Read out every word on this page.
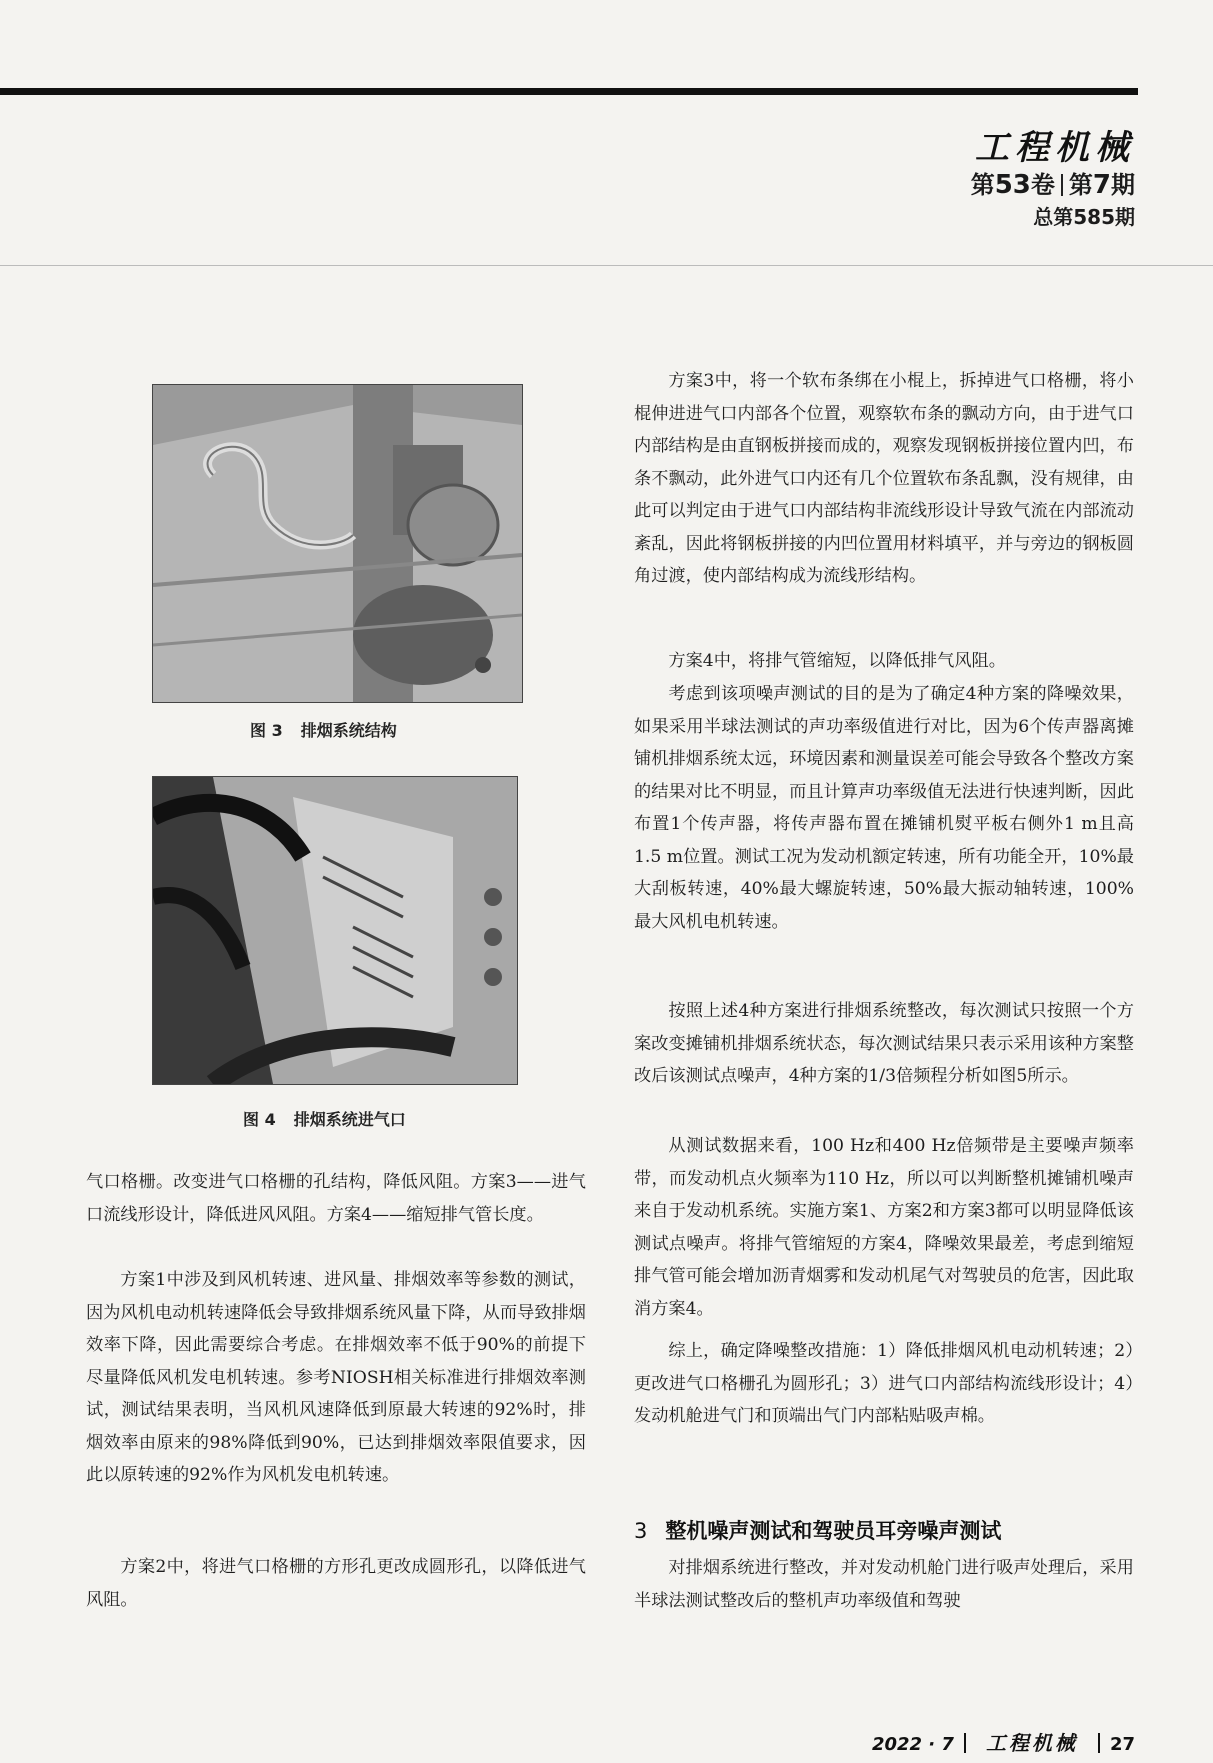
工程机械
第53卷 第7期
总第585期
图 3 排烟系统结构
图 4 排烟系统进气口

气口格栅。改变进气口格栅的孔结构，降低风阻。方案3——进气口流线形设计，降低进风风阻。方案4——缩短排气管长度。

方案1中涉及到风机转速、进风量、排烟效率等参数的测试，因为风机电动机转速降低会导致排烟系统风量下降，从而导致排烟效率下降，因此需要综合考虑。在排烟效率不低于90%的前提下尽量降低风机发电机转速。参考NIOSH相关标准进行排烟效率测试，测试结果表明，当风机风速降低到原最大转速的92%时，排烟效率由原来的98%降低到90%，已达到排烟效率限值要求，因此以原转速的92%作为风机发电机转速。

方案2中，将进气口格栅的方形孔更改成圆形孔，以降低进气风阻。

方案3中，将一个软布条绑在小棍上，拆掉进气口格栅，将小棍伸进进气口内部各个位置，观察软布条的飘动方向，由于进气口内部结构是由直钢板拼接而成的，观察发现钢板拼接位置内凹，布条不飘动，此外进气口内还有几个位置软布条乱飘，没有规律，由此可以判定由于进气口内部结构非流线形设计导致气流在内部流动紊乱，因此将钢板拼接的内凹位置用材料填平，并与旁边的钢板圆角过渡，使内部结构成为流线形结构。

方案4中，将排气管缩短，以降低排气风阻。

考虑到该项噪声测试的目的是为了确定4种方案的降噪效果，如果采用半球法测试的声功率级值进行对比，因为6个传声器离摊铺机排烟系统太远，环境因素和测量误差可能会导致各个整改方案的结果对比不明显，而且计算声功率级值无法进行快速判断，因此布置1个传声器，将传声器布置在摊铺机熨平板右侧外1 m且高1.5 m位置。测试工况为发动机额定转速，所有功能全开，10%最大刮板转速，40%最大螺旋转速，50%最大振动轴转速，100%最大风机电机转速。

按照上述4种方案进行排烟系统整改，每次测试只按照一个方案改变摊铺机排烟系统状态，每次测试结果只表示采用该种方案整改后该测试点噪声，4种方案的1/3倍频程分析如图5所示。

从测试数据来看，100 Hz和400 Hz倍频带是主要噪声频率带，而发动机点火频率为110 Hz，所以可以判断整机摊铺机噪声来自于发动机系统。实施方案1、方案2和方案3都可以明显降低该测试点噪声。将排气管缩短的方案4，降噪效果最差，考虑到缩短排气管可能会增加沥青烟雾和发动机尾气对驾驶员的危害，因此取消方案4。

综上，确定降噪整改措施：1）降低排烟风机电动机转速；2）更改进气口格栅孔为圆形孔；3）进气口内部结构流线形设计；4）发动机舱进气门和顶端出气门内部粘贴吸声棉。

3 整机噪声测试和驾驶员耳旁噪声测试

对排烟系统进行整改，并对发动机舱门进行吸声处理后，采用半球法测试整改后的整机声功率级值和驾驶

2022 · 7 工程机械 27
